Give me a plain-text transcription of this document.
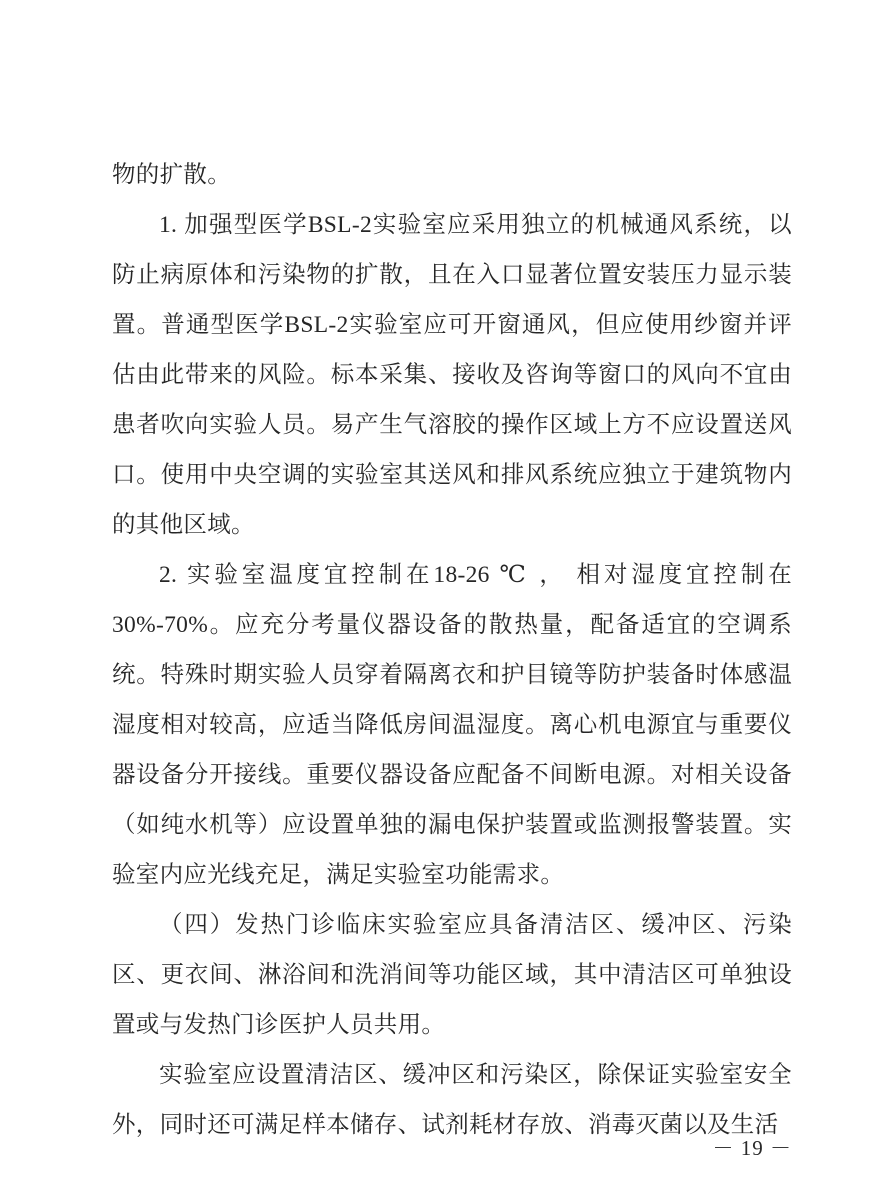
物的扩散。

1. 加强型医学BSL-2实验室应采用独立的机械通风系统，以防止病原体和污染物的扩散，且在入口显著位置安装压力显示装置。普通型医学BSL-2实验室应可开窗通风，但应使用纱窗并评估由此带来的风险。标本采集、接收及咨询等窗口的风向不宜由患者吹向实验人员。易产生气溶胶的操作区域上方不应设置送风口。使用中央空调的实验室其送风和排风系统应独立于建筑物内的其他区域。

2. 实验室温度宜控制在18-26 ℃ ， 相对湿度宜控制在30%-70%。应充分考量仪器设备的散热量，配备适宜的空调系统。特殊时期实验人员穿着隔离衣和护目镜等防护装备时体感温湿度相对较高，应适当降低房间温湿度。离心机电源宜与重要仪器设备分开接线。重要仪器设备应配备不间断电源。对相关设备（如纯水机等）应设置单独的漏电保护装置或监测报警装置。实验室内应光线充足，满足实验室功能需求。

（四）发热门诊临床实验室应具备清洁区、缓冲区、污染区、更衣间、淋浴间和洗消间等功能区域，其中清洁区可单独设置或与发热门诊医护人员共用。

实验室应设置清洁区、缓冲区和污染区，除保证实验室安全外，同时还可满足样本储存、试剂耗材存放、消毒灭菌以及生活

－ 19 －
